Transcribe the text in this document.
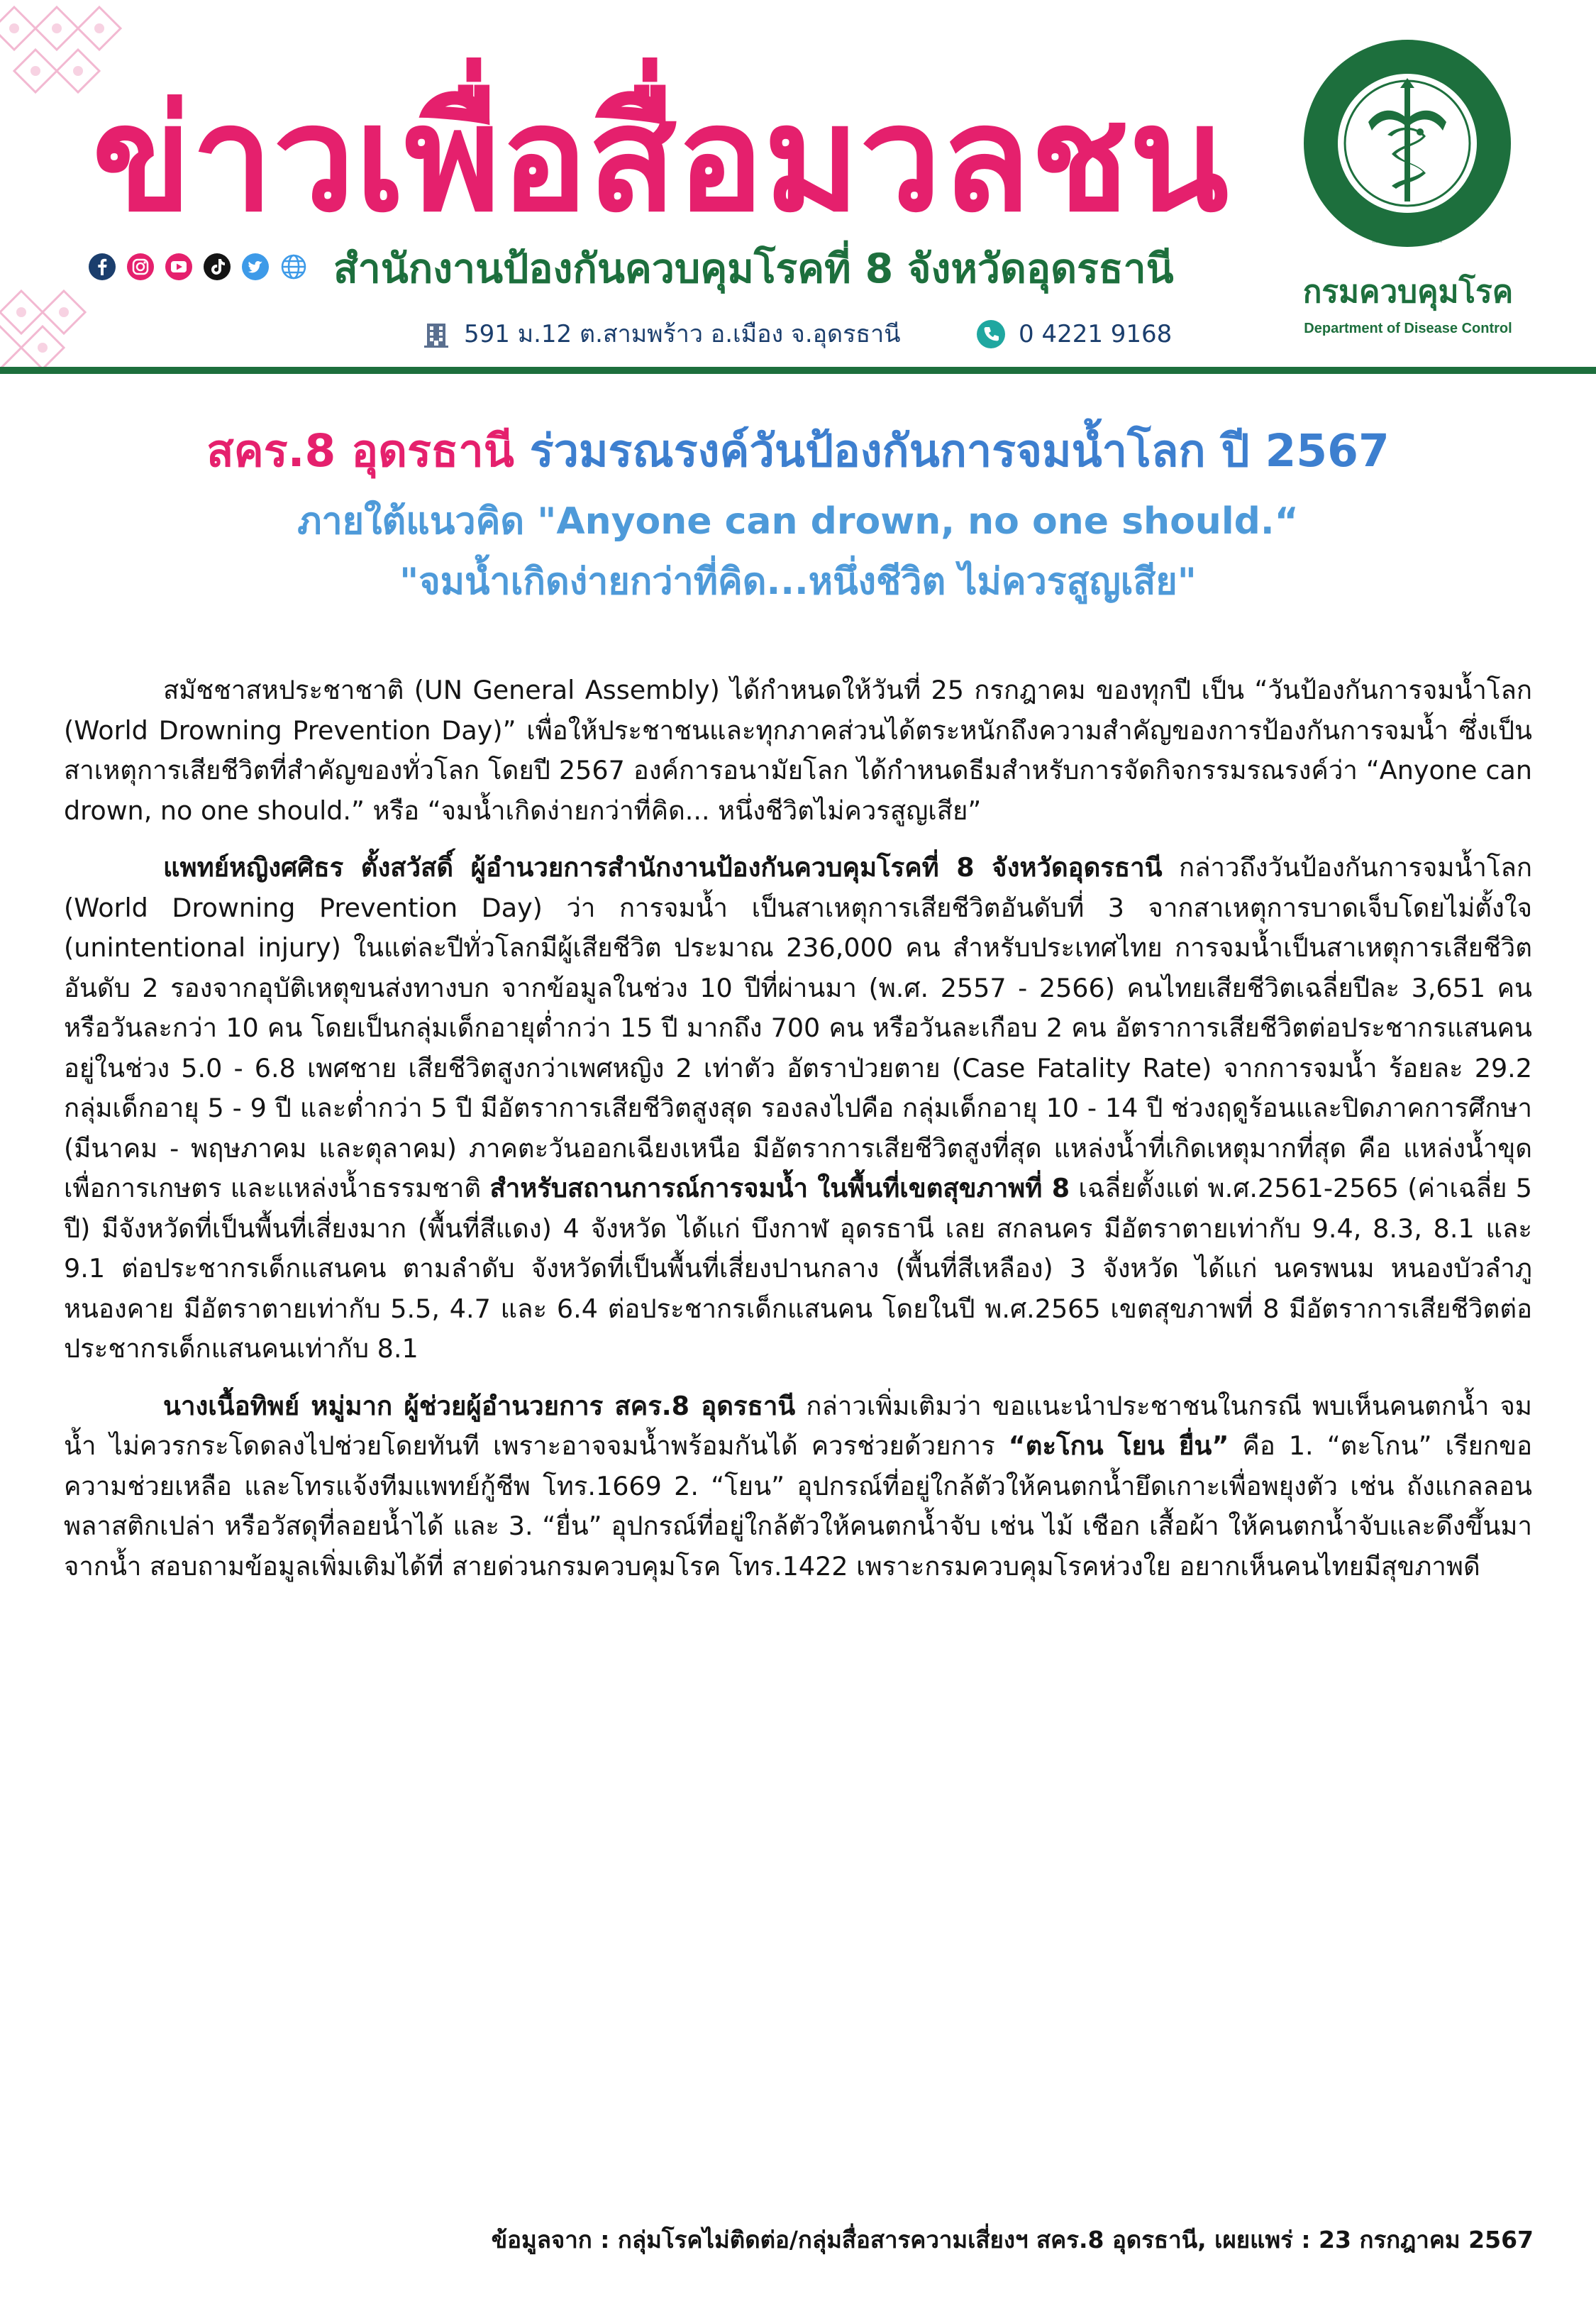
ข่าวเพื่อสื่อมวลชน
สำนักงานป้องกันควบคุมโรคที่ 8 จังหวัดอุดรธานี
591 ม.12 ต.สามพร้าว อ.เมือง จ.อุดรธานี	0 4221 9168
กระทรวงสาธารณสุข · MINISTRY OF PUBLIC HEALTH

กรมควบคุมโรค

Department of Disease Control

สคร.8 อุดรธานี ร่วมรณรงค์วันป้องกันการจมน้ำโลก ปี 2567
ภายใต้แนวคิด "Anyone can drown, no one should.“
"จมน้ำเกิดง่ายกว่าที่คิด...หนึ่งชีวิต ไม่ควรสูญเสีย"

สมัชชาสหประชาชาติ (UN General Assembly) ได้กำหนดให้วันที่ 25 กรกฎาคม ของทุกปี เป็น “วันป้องกันการจมน้ำโลก (World Drowning Prevention Day)” เพื่อให้ประชาชนและทุกภาคส่วนได้ตระหนักถึงความสำคัญของการป้องกันการจมน้ำ ซึ่งเป็นสาเหตุการเสียชีวิตที่สำคัญของทั่วโลก โดยปี 2567 องค์การอนามัยโลก ได้กำหนดธีมสำหรับการจัดกิจกรรมรณรงค์ว่า “Anyone can drown, no one should.” หรือ “จมน้ำเกิดง่ายกว่าที่คิด... หนึ่งชีวิตไม่ควรสูญเสีย”

แพทย์หญิงศศิธร ตั้งสวัสดิ์ ผู้อำนวยการสำนักงานป้องกันควบคุมโรคที่ 8 จังหวัดอุดรธานี กล่าวถึงวันป้องกันการจมน้ำโลก (World Drowning Prevention Day) ว่า การจมน้ำ เป็นสาเหตุการเสียชีวิตอันดับที่ 3 จากสาเหตุการบาดเจ็บโดยไม่ตั้งใจ (unintentional injury) ในแต่ละปีทั่วโลกมีผู้เสียชีวิต ประมาณ 236,000 คน สำหรับประเทศไทย การจมน้ำเป็นสาเหตุการเสียชีวิตอันดับ 2 รองจากอุบัติเหตุขนส่งทางบก จากข้อมูลในช่วง 10 ปีที่ผ่านมา (พ.ศ. 2557 - 2566) คนไทยเสียชีวิตเฉลี่ยปีละ 3,651 คน หรือวันละกว่า 10 คน โดยเป็นกลุ่มเด็กอายุต่ำกว่า 15 ปี มากถึง 700 คน หรือวันละเกือบ 2 คน อัตราการเสียชีวิตต่อประชากรแสนคน อยู่ในช่วง 5.0 - 6.8 เพศชาย เสียชีวิตสูงกว่าเพศหญิง 2 เท่าตัว อัตราป่วยตาย (Case Fatality Rate) จากการจมน้ำ ร้อยละ 29.2 กลุ่มเด็กอายุ 5 - 9 ปี และต่ำกว่า 5 ปี มีอัตราการเสียชีวิตสูงสุด รองลงไปคือ กลุ่มเด็กอายุ 10 - 14 ปี ช่วงฤดูร้อนและปิดภาคการศึกษา (มีนาคม - พฤษภาคม และตุลาคม) ภาคตะวันออกเฉียงเหนือ มีอัตราการเสียชีวิตสูงที่สุด แหล่งน้ำที่เกิดเหตุมากที่สุด คือ แหล่งน้ำขุดเพื่อการเกษตร และแหล่งน้ำธรรมชาติ สำหรับสถานการณ์การจมน้ำ ในพื้นที่เขตสุขภาพที่ 8 เฉลี่ยตั้งแต่ พ.ศ.2561-2565 (ค่าเฉลี่ย 5 ปี) มีจังหวัดที่เป็นพื้นที่เสี่ยงมาก (พื้นที่สีแดง) 4 จังหวัด ได้แก่ บึงกาฬ อุดรธานี เลย สกลนคร มีอัตราตายเท่ากับ 9.4, 8.3, 8.1 และ 9.1 ต่อประชากรเด็กแสนคน ตามลำดับ จังหวัดที่เป็นพื้นที่เสี่ยงปานกลาง (พื้นที่สีเหลือง) 3 จังหวัด ได้แก่ นครพนม หนองบัวลำภู หนองคาย มีอัตราตายเท่ากับ 5.5, 4.7 และ 6.4 ต่อประชากรเด็กแสนคน โดยในปี พ.ศ.2565 เขตสุขภาพที่ 8 มีอัตราการเสียชีวิตต่อประชากรเด็กแสนคนเท่ากับ 8.1

นางเนื้อทิพย์ หมู่มาก ผู้ช่วยผู้อำนวยการ สคร.8 อุดรธานี กล่าวเพิ่มเติมว่า ขอแนะนำประชาชนในกรณี พบเห็นคนตกน้ำ จมน้ำ ไม่ควรกระโดดลงไปช่วยโดยทันที เพราะอาจจมน้ำพร้อมกันได้ ควรช่วยด้วยการ “ตะโกน โยน ยื่น” คือ 1. “ตะโกน” เรียกขอความช่วยเหลือ และโทรแจ้งทีมแพทย์กู้ชีพ โทร.1669 2. “โยน” อุปกรณ์ที่อยู่ใกล้ตัวให้คนตกน้ำยึดเกาะเพื่อพยุงตัว เช่น ถังแกลลอนพลาสติกเปล่า หรือวัสดุที่ลอยน้ำได้ และ 3. “ยื่น” อุปกรณ์ที่อยู่ใกล้ตัวให้คนตกน้ำจับ เช่น ไม้ เชือก เสื้อผ้า ให้คนตกน้ำจับและดึงขึ้นมาจากน้ำ สอบถามข้อมูลเพิ่มเติมได้ที่ สายด่วนกรมควบคุมโรค โทร.1422 เพราะกรมควบคุมโรคห่วงใย อยากเห็นคนไทยมีสุขภาพดี

ข้อมูลจาก : กลุ่มโรคไม่ติดต่อ/กลุ่มสื่อสารความเสี่ยงฯ สคร.8 อุดรธานี, เผยแพร่ : 23 กรกฎาคม 2567
